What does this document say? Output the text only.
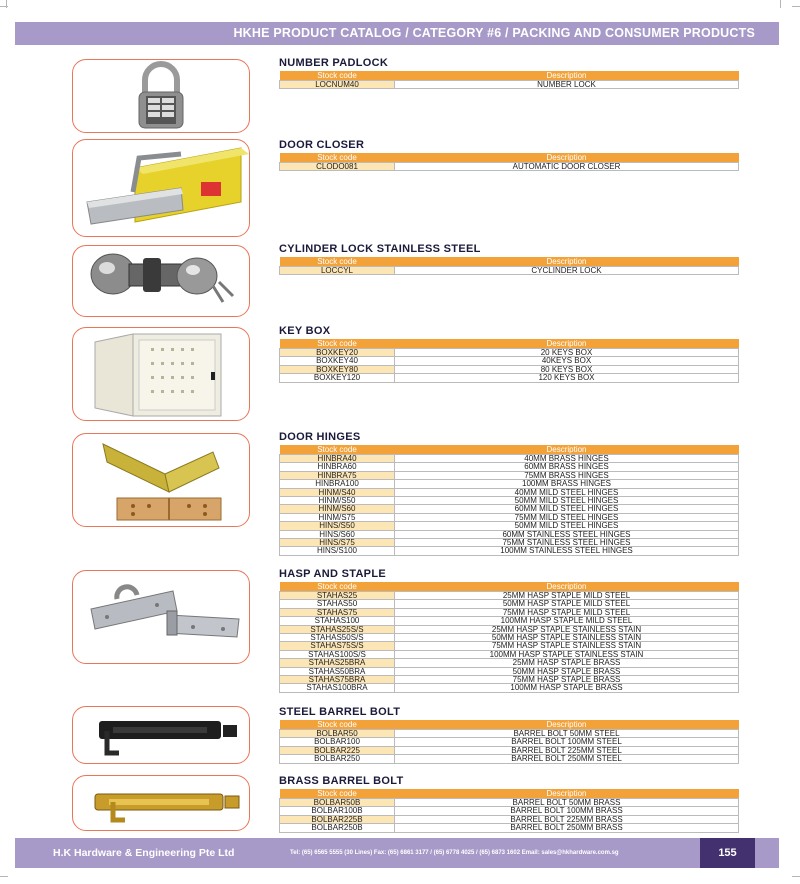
HKHE PRODUCT CATALOG / CATEGORY #6 / PACKING AND CONSUMER PRODUCTS
NUMBER PADLOCK
Stock code	Description
LOCNUM40	NUMBER LOCK
DOOR CLOSER
Stock code	Description
CLODO081	AUTOMATIC DOOR CLOSER
CYLINDER LOCK STAINLESS STEEL
Stock code	Description
LOCCYL	CYCLINDER LOCK
KEY BOX
Stock code	Description
BOXKEY20	20 KEYS BOX
BOXKEY40	40KEYS BOX
BOXKEY80	80 KEYS BOX
BOXKEY120	120 KEYS BOX
DOOR HINGES
Stock code	Description
HINBRA40	40MM BRASS HINGES
HINBRA60	60MM BRASS HINGES
HINBRA75	75MM BRASS HINGES
HINBRA100	100MM BRASS HINGES
HINM/S40	40MM MILD STEEL HINGES
HINM/S50	50MM MILD STEEL HINGES
HINM/S60	60MM MILD STEEL HINGES
HINM/S75	75MM MILD STEEL HINGES
HINS/S50	50MM MILD STEEL HINGES
HINS/S60	60MM STAINLESS STEEL HINGES
HINS/S75	75MM STAINLESS STEEL HINGES
HINS/S100	100MM STAINLESS STEEL HINGES
HASP AND STAPLE
Stock code	Description
STAHAS25	25MM HASP STAPLE MILD STEEL
STAHAS50	50MM HASP STAPLE MILD STEEL
STAHAS75	75MM HASP STAPLE MILD STEEL
STAHAS100	100MM HASP STAPLE MILD STEEL
STAHAS25S/S	25MM HASP STAPLE STAINLESS STAIN
STAHAS50S/S	50MM HASP STAPLE STAINLESS STAIN
STAHAS75S/S	75MM HASP STAPLE STAINLESS STAIN
STAHAS100S/S	100MM HASP STAPLE STAINLESS STAIN
STAHAS25BRA	25MM HASP STAPLE BRASS
STAHAS50BRA	50MM HASP STAPLE BRASS
STAHAS75BRA	75MM HASP STAPLE BRASS
STAHAS100BRA	100MM HASP STAPLE BRASS
STEEL BARREL BOLT
Stock code	Description
BOLBAR50	BARREL BOLT 50MM STEEL
BOLBAR100	BARREL BOLT 100MM STEEL
BOLBAR225	BARREL BOLT 225MM STEEL
BOLBAR250	BARREL BOLT 250MM STEEL
BRASS BARREL BOLT
Stock code	Description
BOLBAR50B	BARREL BOLT 50MM BRASS
BOLBAR100B	BARREL BOLT 100MM BRASS
BOLBAR225B	BARREL BOLT 225MM BRASS
BOLBAR250B	BARREL BOLT 250MM BRASS
H.K Hardware & Engineering Pte Ltd	Tel: (65) 6565 5555 (30 Lines) Fax: (65) 6861 3177 / (65) 6778 4025 / (65) 6873 1602 Email: sales@hkhardware.com.sg	155
